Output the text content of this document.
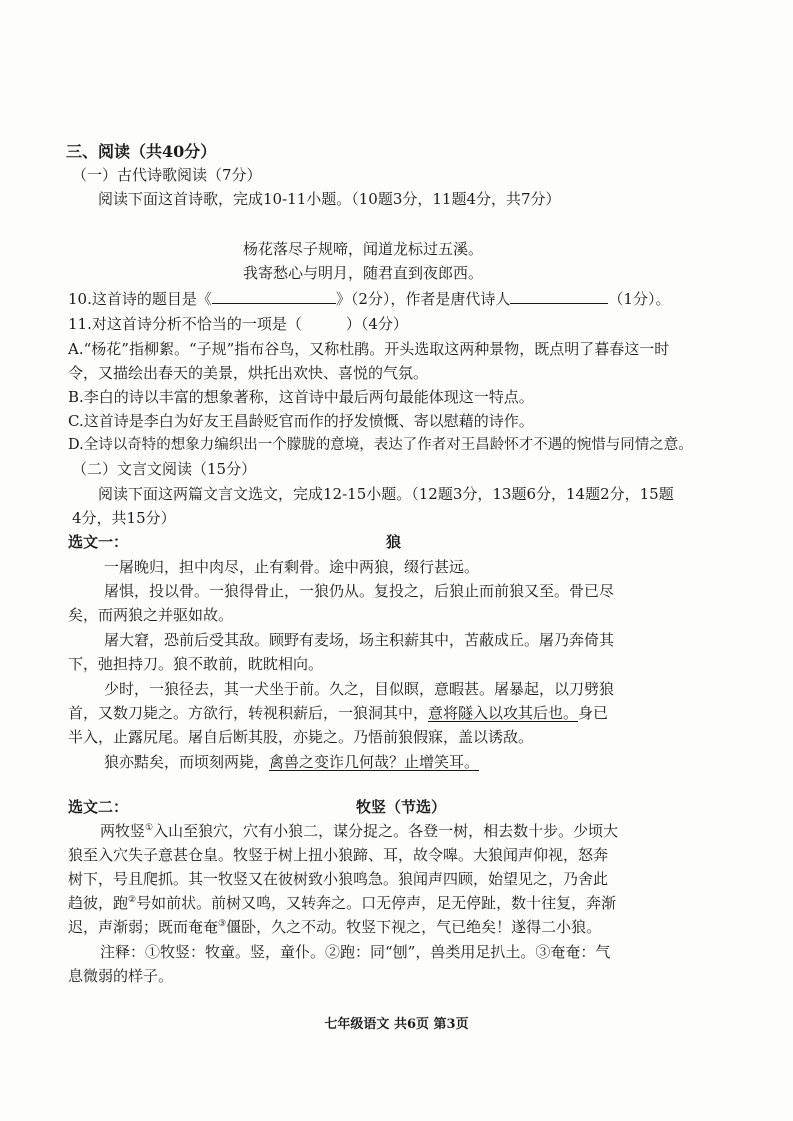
三、阅读（共40分）
（一）古代诗歌阅读（7分）
阅读下面这首诗歌，完成10-11小题。（10题3分，11题4分，共7分）
杨花落尽子规啼，闻道龙标过五溪。
我寄愁心与明月，随君直到夜郎西。
10.这首诗的题目是《	》（2分），作者是唐代诗人	（1分）。
11.对这首诗分析不恰当的一项是（	）（4分）
A.“杨花”指柳絮。“子规”指布谷鸟，又称杜鹃。开头选取这两种景物，既点明了暮春这一时
令，又描绘出春天的美景，烘托出欢快、喜悦的气氛。
B.李白的诗以丰富的想象著称，这首诗中最后两句最能体现这一特点。
C.这首诗是李白为好友王昌龄贬官而作的抒发愤慨、寄以慰藉的诗作。
D.全诗以奇特的想象力编织出一个朦胧的意境，表达了作者对王昌龄怀才不遇的惋惜与同情之意。
（二）文言文阅读（15分）
阅读下面这两篇文言文选文，完成12-15小题。（12题3分，13题6分，14题2分，15题
4分，共15分）
选文一：	狼
一屠晚归，担中肉尽，止有剩骨。途中两狼，缀行甚远。
屠惧，投以骨。一狼得骨止，一狼仍从。复投之，后狼止而前狼又至。骨已尽
矣，而两狼之并驱如故。
屠大窘，恐前后受其敌。顾野有麦场，场主积薪其中，苫蔽成丘。屠乃奔倚其
下，弛担持刀。狼不敢前，眈眈相向。
少时，一狼径去，其一犬坐于前。久之，目似瞑，意暇甚。屠暴起，以刀劈狼
首，又数刀毙之。方欲行，转视积薪后，一狼洞其中，意将隧入以攻其后也。身已
半入，止露尻尾。屠自后断其股，亦毙之。乃悟前狼假寐，盖以诱敌。
狼亦黠矣，而顷刻两毙，禽兽之变诈几何哉？止增笑耳。
选文二：	牧竖（节选）
两牧竖①入山至狼穴，穴有小狼二，谋分捉之。各登一树，相去数十步。少顷大
狼至入穴失子意甚仓皇。牧竖于树上扭小狼蹄、耳，故令嗥。大狼闻声仰视，怒奔
树下，号且爬抓。其一牧竖又在彼树致小狼鸣急。狼闻声四顾，始望见之，乃舍此
趋彼，跑②号如前状。前树又鸣，又转奔之。口无停声，足无停趾，数十往复，奔渐
迟，声渐弱；既而奄奄③僵卧，久之不动。牧竖下视之，气已绝矣！遂得二小狼。
注释：①牧竖：牧童。竖，童仆。②跑：同“刨”，兽类用足扒土。③奄奄：气
息微弱的样子。
七年级语文 共6页 第3页
